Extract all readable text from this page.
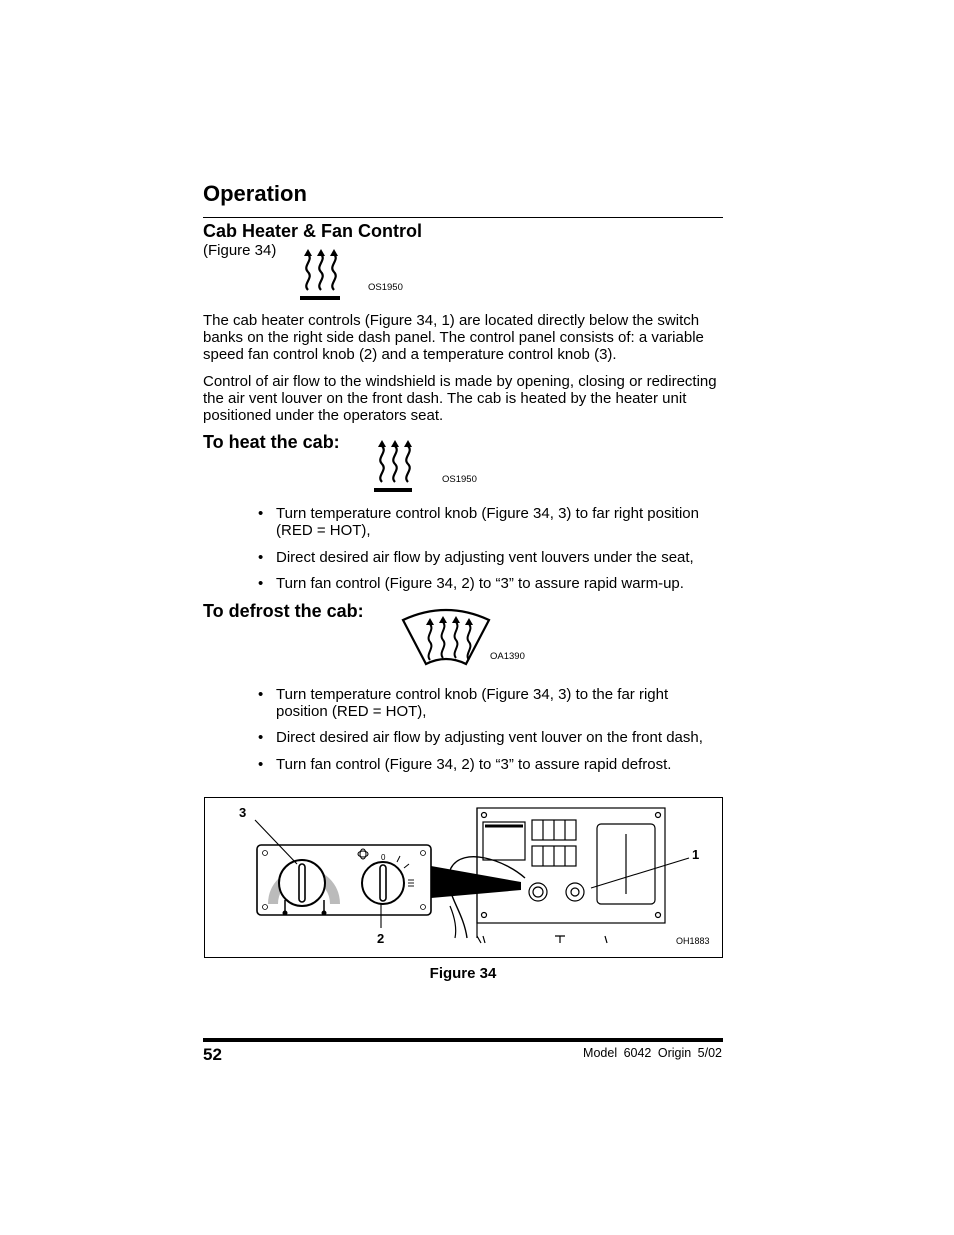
Operation
Cab Heater & Fan Control
(Figure 34)
OS1950

The cab heater controls (Figure 34, 1) are located directly below the switch banks on the right side dash panel. The control panel consists of: a variable speed fan control knob (2) and a temperature control knob (3).

Control of air flow to the windshield is made by opening, closing or redirecting the air vent louver on the front dash. The cab is heated by the heater unit positioned under the operators seat.

To heat the cab:
OS1950
• Turn temperature control knob (Figure 34, 3) to far right position (RED = HOT),
• Direct desired air flow by adjusting vent louvers under the seat,
• Turn fan control (Figure 34, 2) to “3” to assure rapid warm-up.
To defrost the cab:
OA1390
• Turn temperature control knob (Figure 34, 3) to the far right position (RED = HOT),
• Direct desired air flow by adjusting vent louver on the front dash,
• Turn fan control (Figure 34, 2) to “3” to assure rapid defrost.
0
3
2
1
OH1883
Figure 34
52	Model 6042 Origin 5/02
